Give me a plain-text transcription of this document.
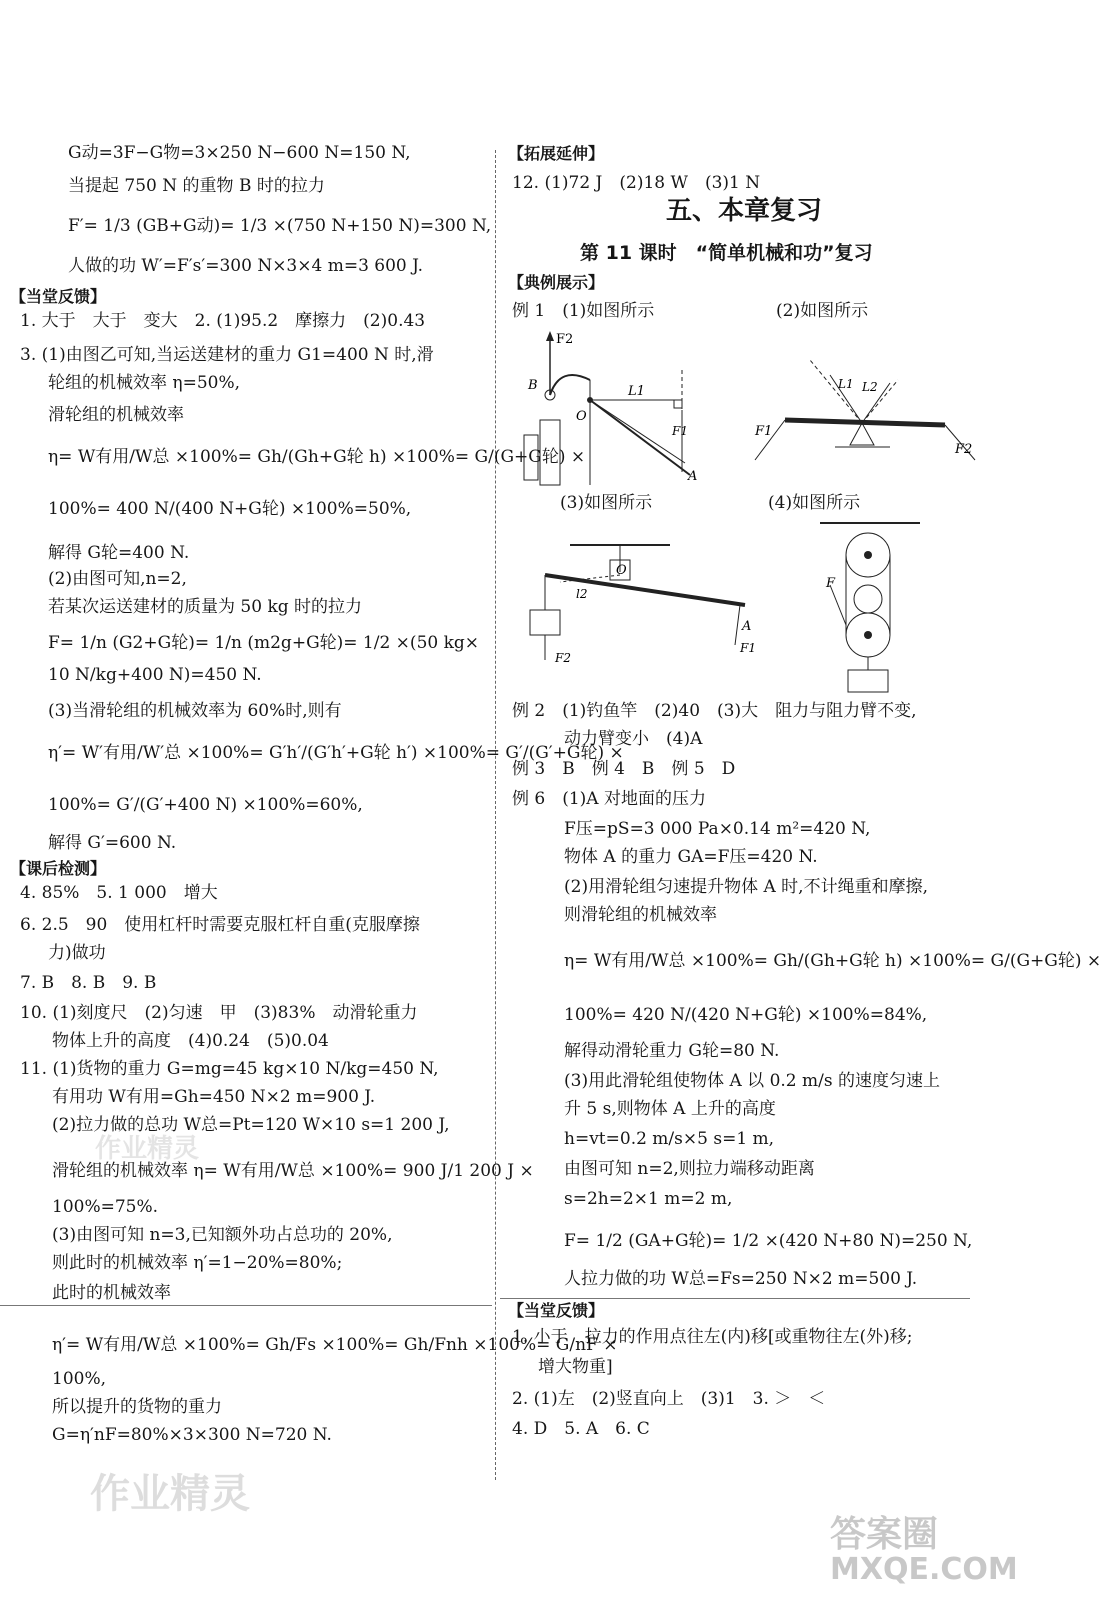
G动=3F−G物=3×250 N−600 N=150 N,
当提起 750 N 的重物 B 时的拉力
F′= 1/3 (GB+G动)= 1/3 ×(750 N+150 N)=300 N,
人做的功 W′=F′s′=300 N×3×4 m=3 600 J.
【当堂反馈】
1. 大于　大于　变大　2. (1)95.2　摩擦力　(2)0.43
3. (1)由图乙可知,当运送建材的重力 G1=400 N 时,滑
轮组的机械效率 η=50%,
滑轮组的机械效率
η= W有用/W总 ×100%= Gh/(Gh+G轮 h) ×100%= G/(G+G轮) ×
100%= 400 N/(400 N+G轮) ×100%=50%,
解得 G轮=400 N.
(2)由图可知,n=2,
若某次运送建材的质量为 50 kg 时的拉力
F= 1/n (G2+G轮)= 1/n (m2g+G轮)= 1/2 ×(50 kg×
10 N/kg+400 N)=450 N.
(3)当滑轮组的机械效率为 60%时,则有
η′= W′有用/W′总 ×100%= G′h′/(G′h′+G轮 h′) ×100%= G′/(G′+G轮) ×
100%= G′/(G′+400 N) ×100%=60%,
解得 G′=600 N.
【课后检测】
4. 85%　5. 1 000　增大
6. 2.5　90　使用杠杆时需要克服杠杆自重(克服摩擦
力)做功
7. B　8. B　9. B
10. (1)刻度尺　(2)匀速　甲　(3)83%　动滑轮重力
物体上升的高度　(4)0.24　(5)0.04
11. (1)货物的重力 G=mg=45 kg×10 N/kg=450 N,
有用功 W有用=Gh=450 N×2 m=900 J.
(2)拉力做的总功 W总=Pt=120 W×10 s=1 200 J,
滑轮组的机械效率 η= W有用/W总 ×100%= 900 J/1 200 J ×
100%=75%.
(3)由图可知 n=3,已知额外功占总功的 20%,
则此时的机械效率 η′=1−20%=80%;
此时的机械效率
η′= W有用/W总 ×100%= Gh/Fs ×100%= Gh/Fnh ×100%= G/nF ×
100%,
所以提升的货物的重力
G=η′nF=80%×3×300 N=720 N.
【拓展延伸】
12. (1)72 J　(2)18 W　(3)1 N
五、本章复习
第 11 课时　“简单机械和功”复习
【典例展示】
例 1　(1)如图所示	(2)如图所示
F2
B
O
L1
F1
A
L1 L2
F1
F2
(3)如图所示	(4)如图所示
O
F2
l2
A
F1
F
例 2　(1)钓鱼竿　(2)40　(3)大　阻力与阻力臂不变,
动力臂变小　(4)A
例 3　B　例 4　B　例 5　D
例 6　(1)A 对地面的压力
F压=pS=3 000 Pa×0.14 m²=420 N,
物体 A 的重力 GA=F压=420 N.
(2)用滑轮组匀速提升物体 A 时,不计绳重和摩擦,
则滑轮组的机械效率
η= W有用/W总 ×100%= Gh/(Gh+G轮 h) ×100%= G/(G+G轮) ×
100%= 420 N/(420 N+G轮) ×100%=84%,
解得动滑轮重力 G轮=80 N.
(3)用此滑轮组使物体 A 以 0.2 m/s 的速度匀速上
升 5 s,则物体 A 上升的高度
h=vt=0.2 m/s×5 s=1 m,
由图可知 n=2,则拉力端移动距离
s=2h=2×1 m=2 m,
F= 1/2 (GA+G轮)= 1/2 ×(420 N+80 N)=250 N,
人拉力做的功 W总=Fs=250 N×2 m=500 J.
【当堂反馈】
1. 小于　拉力的作用点往左(内)移[或重物往左(外)移;
增大物重]
2. (1)左　(2)竖直向上　(3)1　3. ＞　＜
4. D　5. A　6. C
作业精灵
作业精灵
答案圈
MXQE.COM
